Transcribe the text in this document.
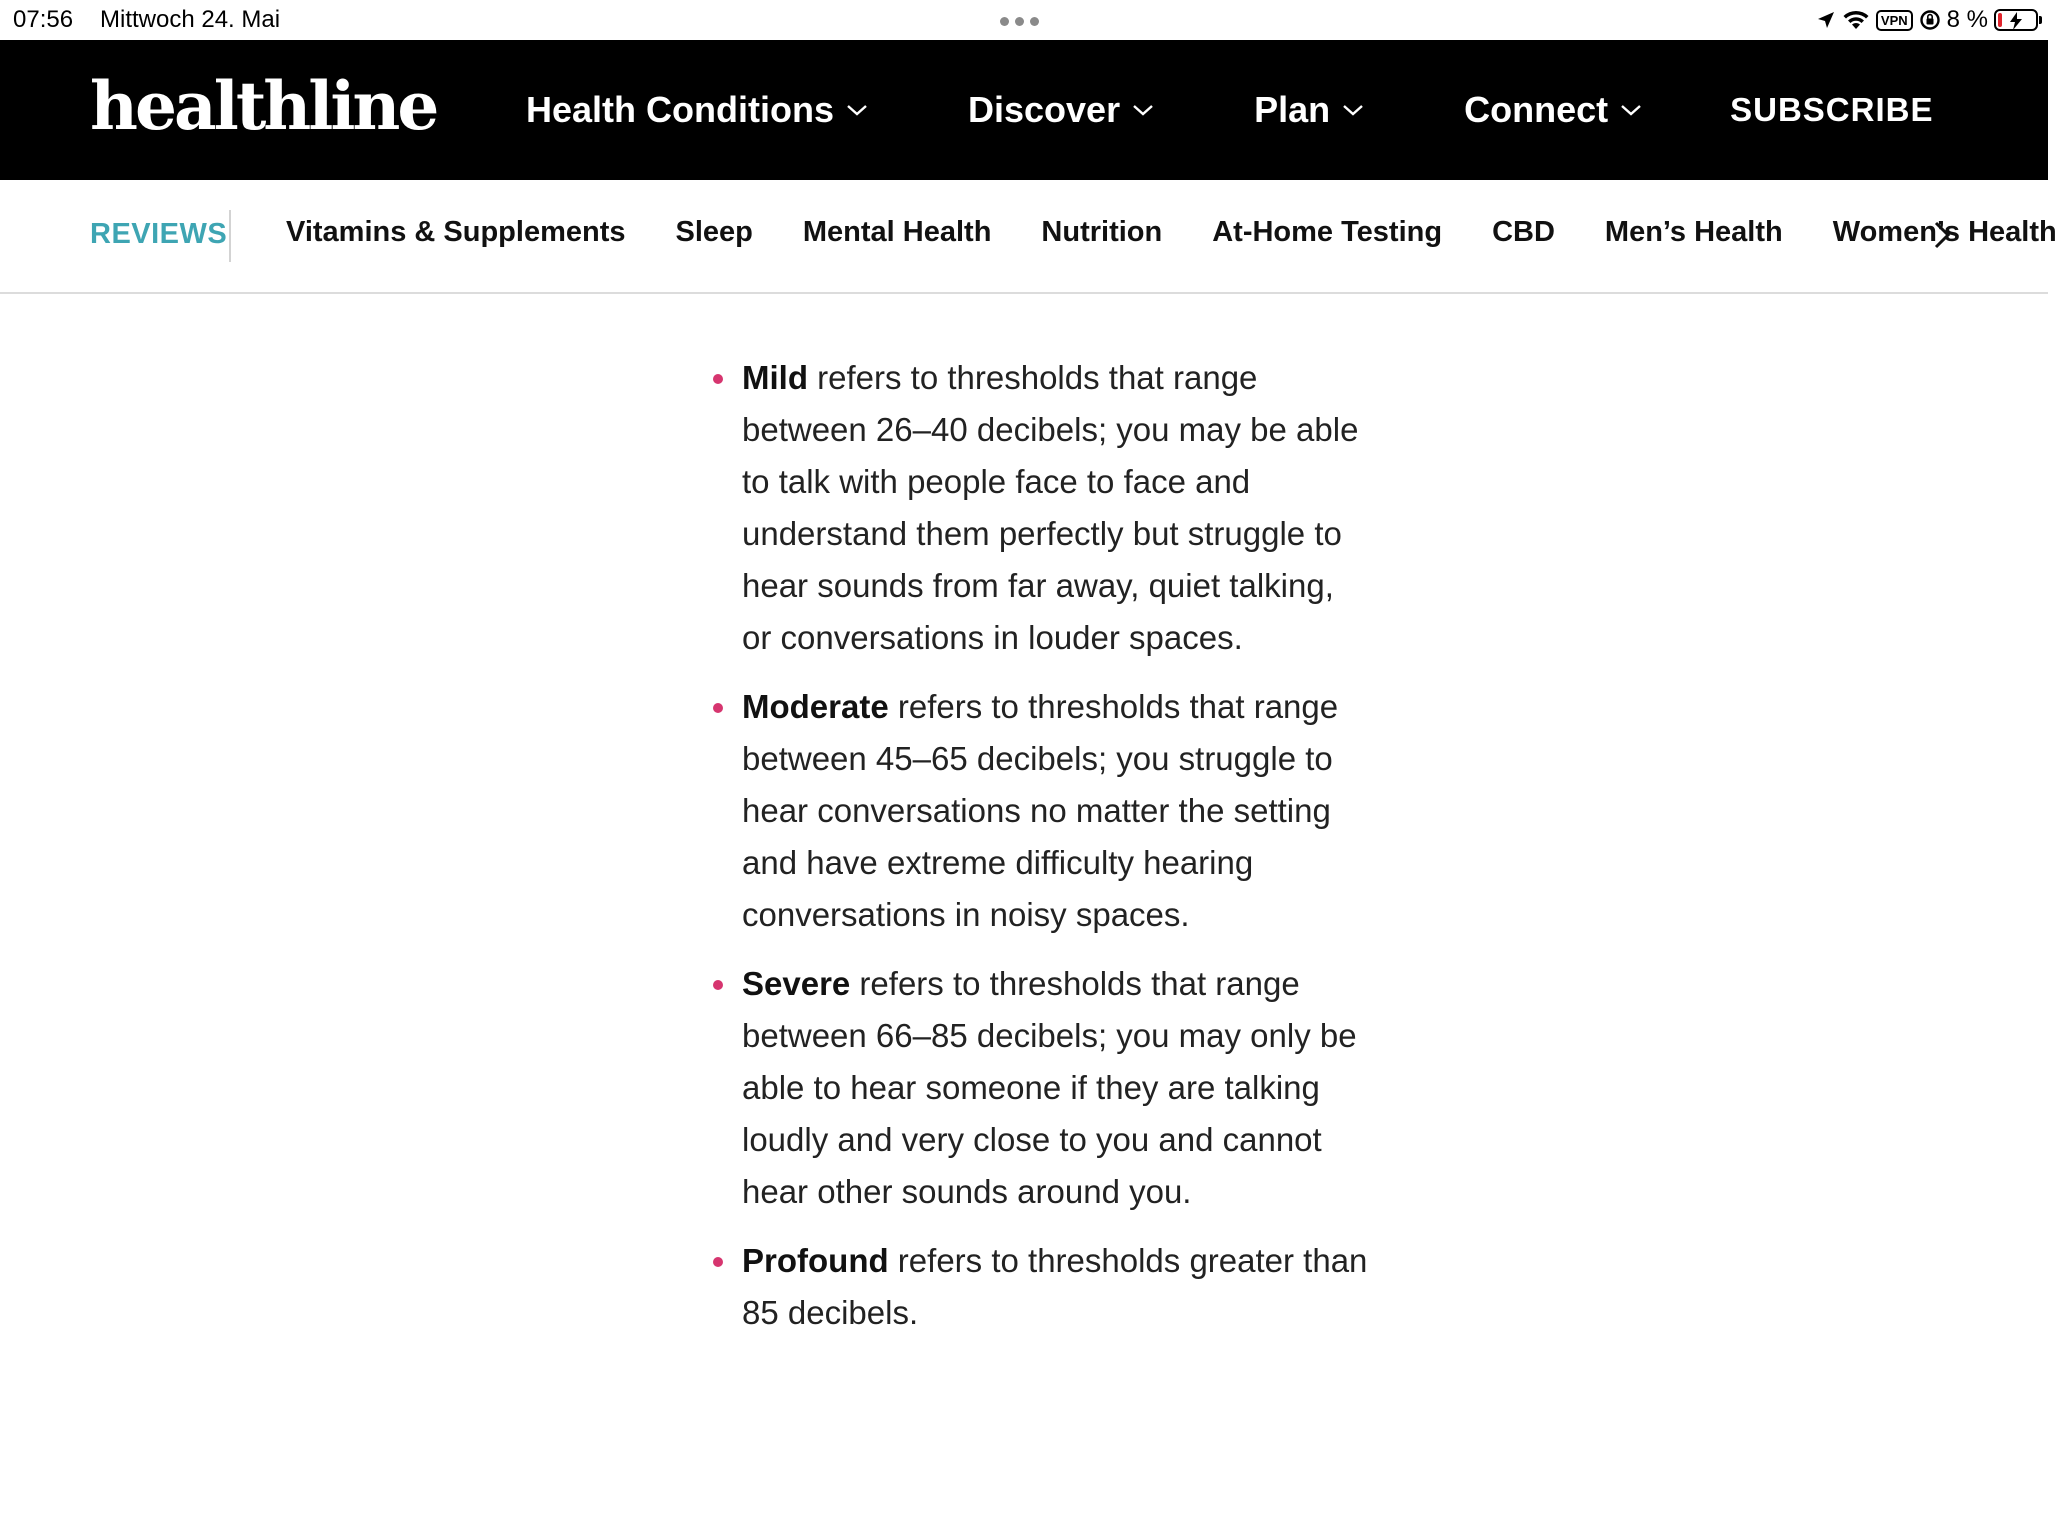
07:56 Mittwoch 24. Mai	VPN 8 %
healthline Health Conditions	Discover	Plan	Connect	SUBSCRIBE
REVIEWS Vitamins & Supplements Sleep Mental Health Nutrition At-Home Testing CBD Men’s Health Women’s Health
Mild refers to thresholds that range between 26–40 decibels; you may be able to talk with people face to face and understand them perfectly but struggle to hear sounds from far away, quiet talking, or conversations in louder spaces.
Moderate refers to thresholds that range between 45–65 decibels; you struggle to hear conversations no matter the setting and have extreme difficulty hearing conversations in noisy spaces.
Severe refers to thresholds that range between 66–85 decibels; you may only be able to hear someone if they are talking loudly and very close to you and cannot hear other sounds around you.
Profound refers to thresholds greater than 85 decibels.
